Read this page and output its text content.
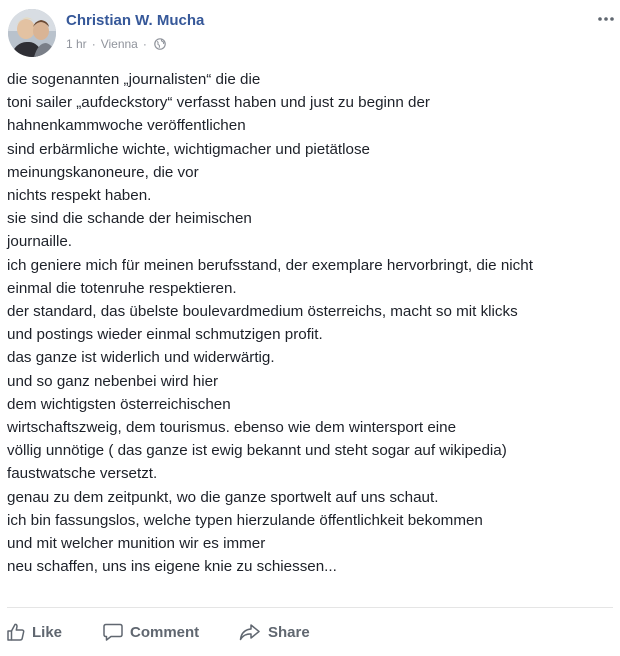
Christian W. Mucha
1 hr · Vienna ·
die sogenannten „journalisten“ die die
toni sailer „aufdeckstory“ verfasst haben und just zu beginn der
hahnenkammwoche veröffentlichen
sind erbärmliche wichte, wichtigmacher und pietätlose
meinungskanoneure, die vor
nichts respekt haben.
sie sind die schande der heimischen
journaille.
ich geniere mich für meinen berufsstand, der exemplare hervorbringt, die nicht
einmal die totenruhe respektieren.
der standard, das übelste boulevardmedium österreichs, macht so mit klicks
und postings wieder einmal schmutzigen profit.
das ganze ist widerlich und widerwärtig.
und so ganz nebenbei wird hier
dem wichtigsten österreichischen
wirtschaftszweig, dem tourismus. ebenso wie dem wintersport eine
völlig unnötige ( das ganze ist ewig bekannt und steht sogar auf wikipedia)
faustwatsche versetzt.
genau zu dem zeitpunkt, wo die ganze sportwelt auf uns schaut.
ich bin fassungslos, welche typen hierzulande öffentlichkeit bekommen
und mit welcher munition wir es immer
neu schaffen, uns ins eigene knie zu schiessen...
Like	Comment	Share
